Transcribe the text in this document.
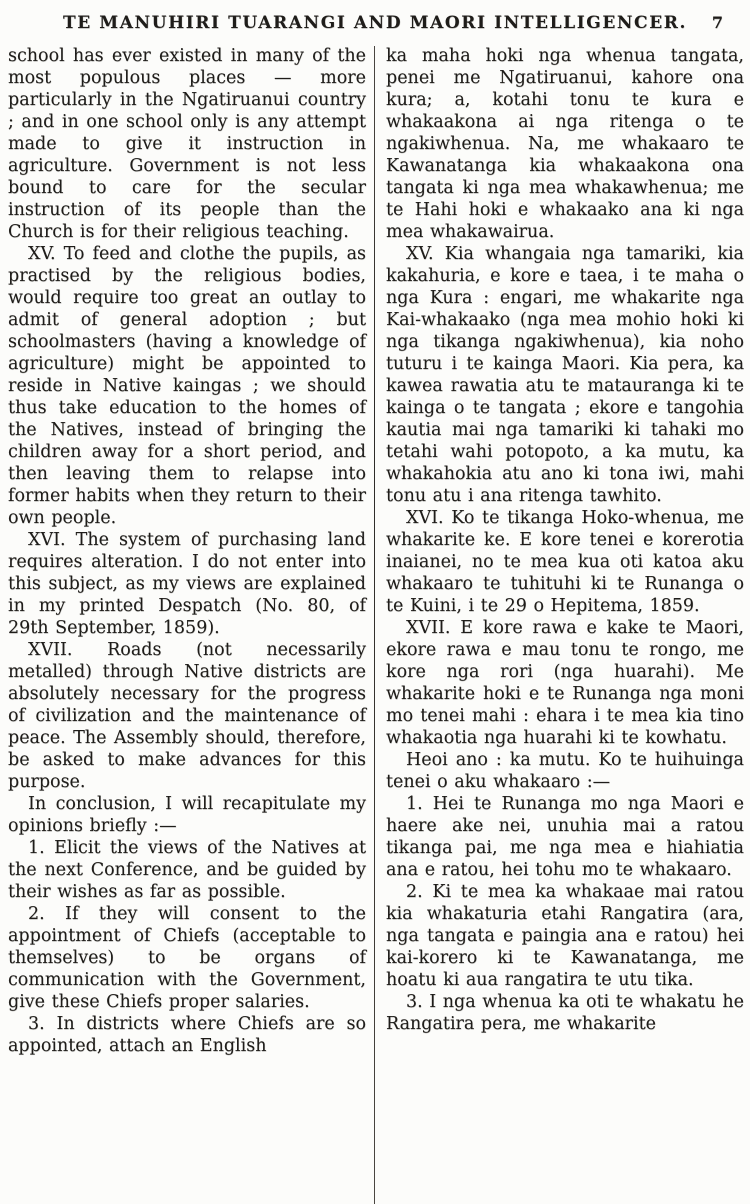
TE MANUHIRI TUARANGI AND MAORI INTELLIGENCER.	7

school has ever existed in many of the most populous places — more particularly in the Ngatiruanui country ; and in one school only is any attempt made to give it instruction in agriculture. Government is not less bound to care for the secular instruction of its people than the Church is for their religious teaching.

XV. To feed and clothe the pupils, as practised by the religious bodies, would require too great an outlay to admit of general adoption ; but schoolmasters (having a knowledge of agriculture) might be appointed to reside in Native kaingas ; we should thus take education to the homes of the Natives, instead of bringing the children away for a short period, and then leaving them to relapse into former habits when they return to their own people.

XVI. The system of purchasing land requires alteration. I do not enter into this subject, as my views are explained in my printed Despatch (No. 80, of 29th September, 1859).

XVII. Roads (not necessarily metalled) through Native districts are absolutely necessary for the progress of civilization and the maintenance of peace. The Assembly should, therefore, be asked to make advances for this purpose.

In conclusion, I will recapitulate my opinions briefly :—

1. Elicit the views of the Natives at the next Conference, and be guided by their wishes as far as possible.

2. If they will consent to the appointment of Chiefs (acceptable to themselves) to be organs of communication with the Government, give these Chiefs proper salaries.

3. In districts where Chiefs are so appointed, attach an English

ka maha hoki nga whenua tangata, penei me Ngatiruanui, kahore ona kura; a, kotahi tonu te kura e whakaakona ai nga ritenga o te ngakiwhenua. Na, me whakaaro te Kawanatanga kia whakaakona ona tangata ki nga mea whakawhenua; me te Hahi hoki e whakaako ana ki nga mea whakawairua.

XV. Kia whangaia nga tamariki, kia kakahuria, e kore e taea, i te maha o nga Kura : engari, me whakarite nga Kai-whakaako (nga mea mohio hoki ki nga tikanga ngakiwhenua), kia noho tuturu i te kainga Maori. Kia pera, ka kawea rawatia atu te matauranga ki te kainga o te tangata ; ekore e tangohia kautia mai nga tamariki ki tahaki mo tetahi wahi potopoto, a ka mutu, ka whakahokia atu ano ki tona iwi, mahi tonu atu i ana ritenga tawhito.

XVI. Ko te tikanga Hoko-whenua, me whakarite ke. E kore tenei e korerotia inaianei, no te mea kua oti katoa aku whakaaro te tuhituhi ki te Runanga o te Kuini, i te 29 o Hepitema, 1859.

XVII. E kore rawa e kake te Maori, ekore rawa e mau tonu te rongo, me kore nga rori (nga huarahi). Me whakarite hoki e te Runanga nga moni mo tenei mahi : ehara i te mea kia tino whakaotia nga huarahi ki te kowhatu.

Heoi ano : ka mutu. Ko te huihuinga tenei o aku whakaaro :—

1. Hei te Runanga mo nga Maori e haere ake nei, unuhia mai a ratou tikanga pai, me nga mea e hiahiatia ana e ratou, hei tohu mo te whakaaro.

2. Ki te mea ka whakaae mai ratou kia whakaturia etahi Rangatira (ara, nga tangata e paingia ana e ratou) hei kai-korero ki te Kawanatanga, me hoatu ki aua rangatira te utu tika.

3. I nga whenua ka oti te whakatu he Rangatira pera, me whakarite
